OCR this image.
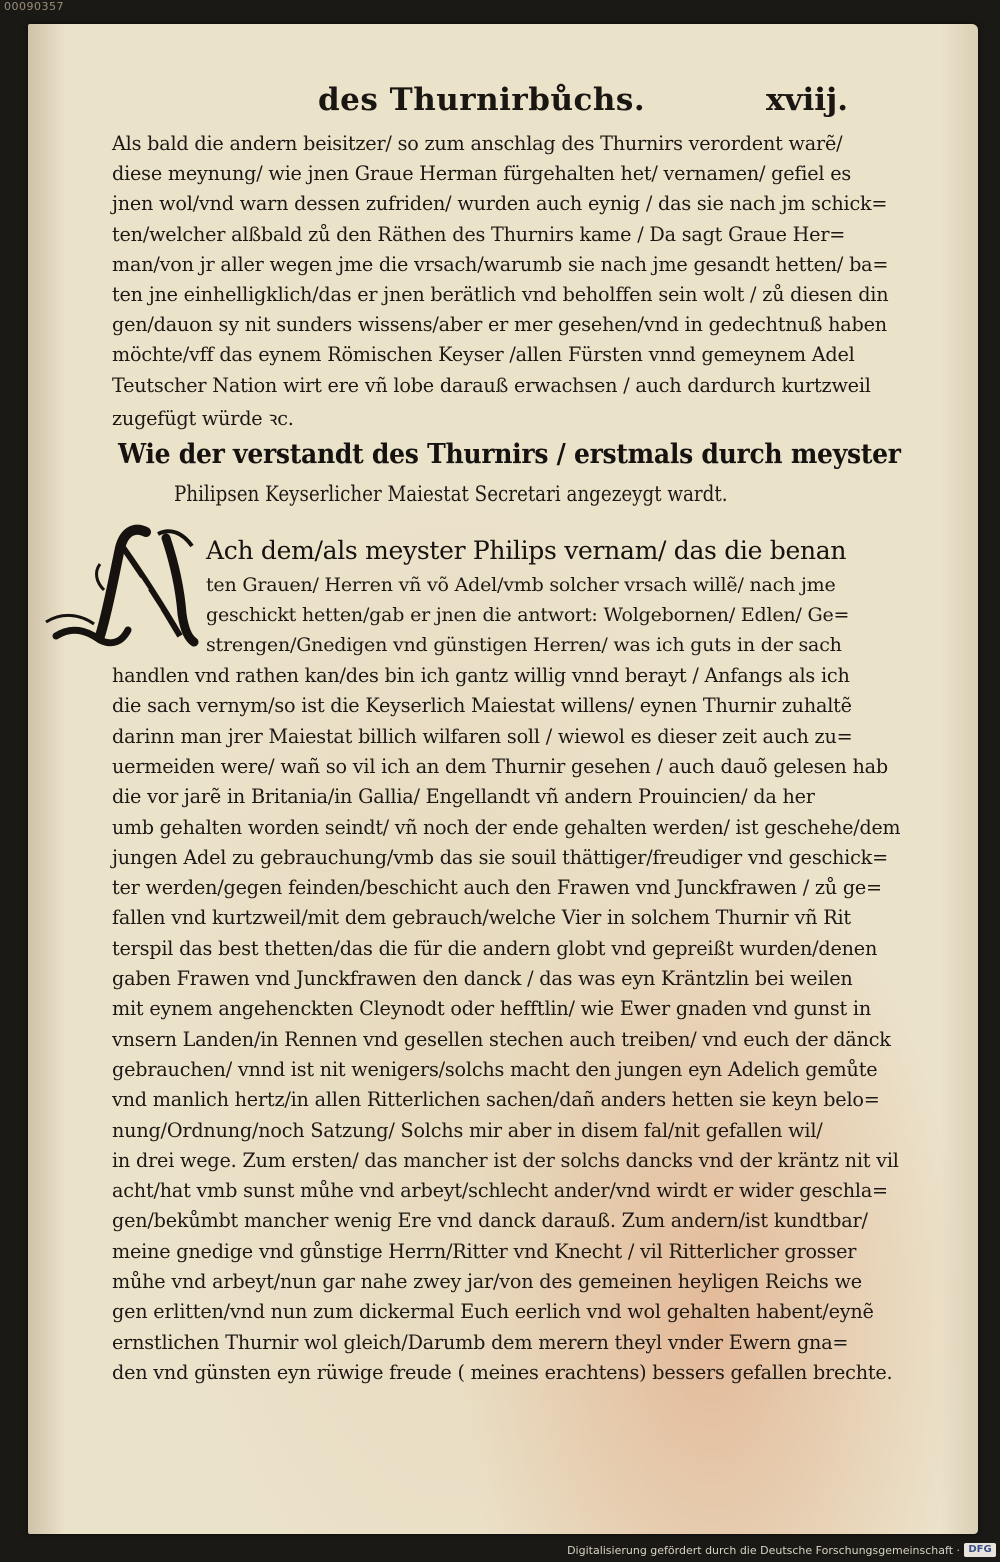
00090357
des Thurnirbůchs.	xviij.
Als bald die andern beisitzer/ so zum anschlag des Thurnirs verordent warẽ/
diese meynung/ wie jnen Graue Herman fürgehalten het/ vernamen/ gefiel es
jnen wol/vnd warn dessen zufriden/ wurden auch eynig / das sie nach jm schick=
ten/welcher alßbald zů den Räthen des Thurnirs kame / Da sagt Graue Her=
man/von jr aller wegen jme die vrsach/warumb sie nach jme gesandt hetten/ ba=
ten jne einhelligklich/das er jnen berätlich vnd beholffen sein wolt / zů diesen din
gen/dauon sy nit sunders wissens/aber er mer gesehen/vnd in gedechtnuß haben
möchte/vff das eynem Römischen Keyser /allen Fürsten vnnd gemeynem Adel
Teutscher Nation wirt ere vñ lobe darauß erwachsen / auch dardurch kurtzweil
zugefügt würde ꝛc.
Wie der verstandt des Thurnirs / erstmals durch meyster
Philipsen Keyserlicher Maiestat Secretari angezeygt wardt.
Ach dem/als meyster Philips vernam/ das die benan
ten Grauen/ Herren vñ võ Adel/vmb solcher vrsach willẽ/ nach jme
geschickt hetten/gab er jnen die antwort: Wolgebornen/ Edlen/ Ge=
strengen/Gnedigen vnd günstigen Herren/ was ich guts in der sach
handlen vnd rathen kan/des bin ich gantz willig vnnd berayt / Anfangs als ich
die sach vernym/so ist die Keyserlich Maiestat willens/ eynen Thurnir zuhaltẽ
darinn man jrer Maiestat billich wilfaren soll / wiewol es dieser zeit auch zu=
uermeiden were/ wañ so vil ich an dem Thurnir gesehen / auch dauõ gelesen hab
die vor jarẽ in Britania/in Gallia/ Engellandt vñ andern Prouincien/ da her
umb gehalten worden seindt/ vñ noch der ende gehalten werden/ ist geschehe/dem
jungen Adel zu gebrauchung/vmb das sie souil thättiger/freudiger vnd geschick=
ter werden/gegen feinden/beschicht auch den Frawen vnd Junckfrawen / zů ge=
fallen vnd kurtzweil/mit dem gebrauch/welche Vier in solchem Thurnir vñ Rit
terspil das best thetten/das die für die andern globt vnd gepreißt wurden/denen
gaben Frawen vnd Junckfrawen den danck / das was eyn Kräntzlin bei weilen
mit eynem angehenckten Cleynodt oder hefftlin/ wie Ewer gnaden vnd gunst in
vnsern Landen/in Rennen vnd gesellen stechen auch treiben/ vnd euch der dänck
gebrauchen/ vnnd ist nit wenigers/solchs macht den jungen eyn Adelich gemůte
vnd manlich hertz/in allen Ritterlichen sachen/dañ anders hetten sie keyn belo=
nung/Ordnung/noch Satzung/ Solchs mir aber in disem fal/nit gefallen wil/
in drei wege. Zum ersten/ das mancher ist der solchs dancks vnd der kräntz nit vil
acht/hat vmb sunst můhe vnd arbeyt/schlecht ander/vnd wirdt er wider geschla=
gen/bekůmbt mancher wenig Ere vnd danck darauß. Zum andern/ist kundtbar/
meine gnedige vnd gůnstige Herrn/Ritter vnd Knecht / vil Ritterlicher grosser
můhe vnd arbeyt/nun gar nahe zwey jar/von des gemeinen heyligen Reichs we
gen erlitten/vnd nun zum dickermal Euch eerlich vnd wol gehalten habent/eynẽ
ernstlichen Thurnir wol gleich/Darumb dem merern theyl vnder Ewern gna=
den vnd günsten eyn rüwige freude ( meines erachtens) bessers gefallen brechte.
Digitalisierung gefördert durch die Deutsche Forschungsgemeinschaft · DFG
